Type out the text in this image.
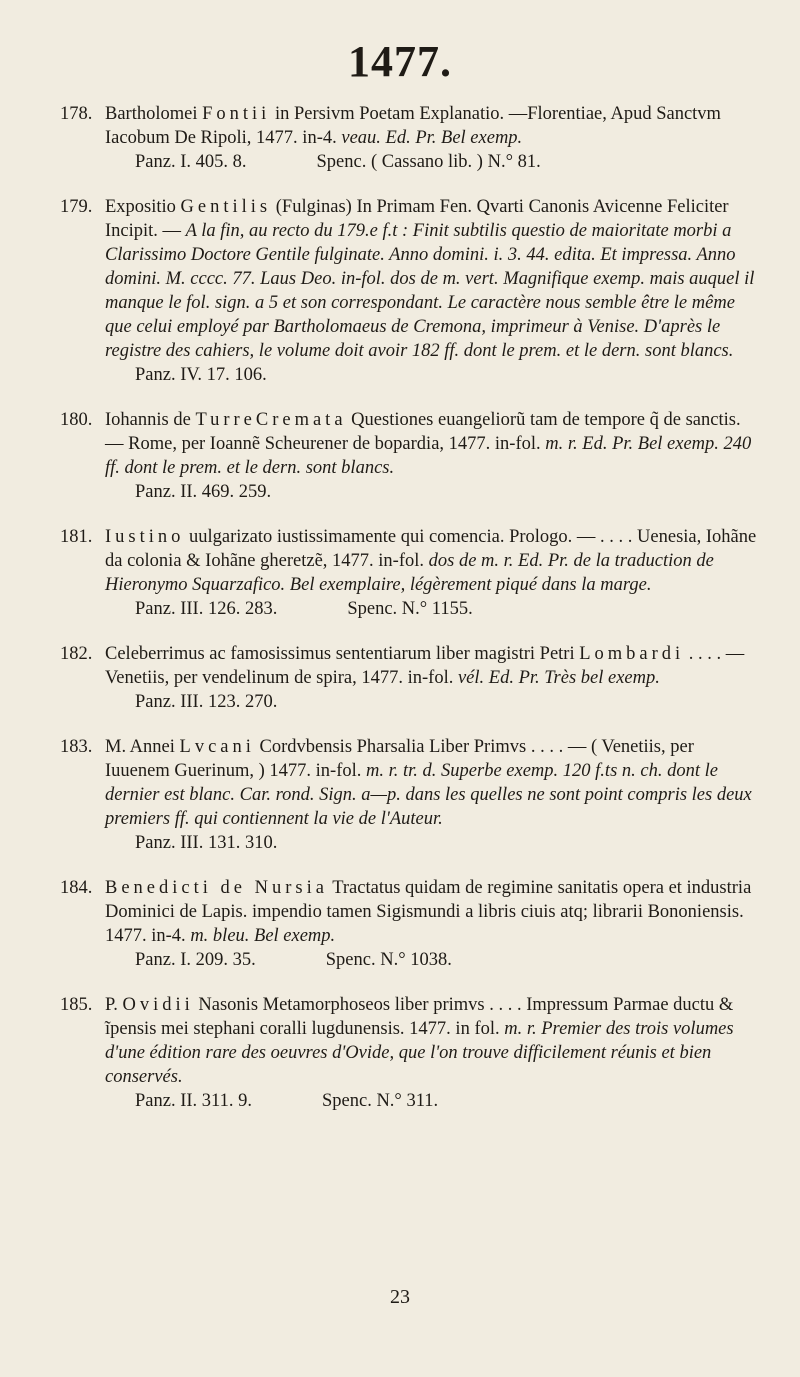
1477.
178. Bartholomei Fontii in Persivm Poetam Explanatio. —Florentiae, Apud Sanctvm Iacobum De Ripoli, 1477. in-4. veau. Ed. Pr. Bel exemp.
Panz. I. 405. 8.	Spenc. ( Cassano lib. ) N.° 81.
179. Expositio Gentilis (Fulginas) In Primam Fen. Qvarti Canonis Avicenne Feliciter Incipit. — A la fin, au recto du 179.e f.t : Finit subtilis questio de maioritate morbi a Clarissimo Doctore Gentile fulginate. Anno domini. i. 3. 44. edita. Et impressa. Anno domini. M. cccc. 77. Laus Deo. in-fol. dos de m. vert. Magnifique exemp. mais auquel il manque le fol. sign. a 5 et son correspondant. Le caractère nous semble être le même que celui employé par Bartholomaeus de Cremona, imprimeur à Venise. D'après le registre des cahiers, le volume doit avoir 182 ff. dont le prem. et le dern. sont blancs.
Panz. IV. 17. 106.
180. Iohannis de TurreCremata Questiones euangeliorũ tam de tempore q̃ de sanctis. — Rome, per Ioannẽ Scheurener de bopardia, 1477. in-fol. m. r. Ed. Pr. Bel exemp. 240 ff. dont le prem. et le dern. sont blancs.
Panz. II. 469. 259.
181. Iustino uulgarizato iustissimamente qui comencia. Prologo. — . . . . Uenesia, Iohãne da colonia & Iohãne gheretzẽ, 1477. in-fol. dos de m. r. Ed. Pr. de la traduction de Hieronymo Squarzafico. Bel exemplaire, légèrement piqué dans la marge.
Panz. III. 126. 283.	Spenc. N.° 1155.
182. Celeberrimus ac famosissimus sententiarum liber magistri Petri Lombardi . . . . —Venetiis, per vendelinum de spira, 1477. in-fol. vél. Ed. Pr. Très bel exemp.
Panz. III. 123. 270.
183. M. Annei Lvcani Cordvbensis Pharsalia Liber Primvs . . . . — ( Venetiis, per Iuuenem Guerinum, ) 1477. in-fol. m. r. tr. d. Superbe exemp. 120 f.ts n. ch. dont le dernier est blanc. Car. rond. Sign. a—p. dans les quelles ne sont point compris les deux premiers ff. qui contiennent la vie de l'Auteur.
Panz. III. 131. 310.
184. Benedicti de Nursia Tractatus quidam de regimine sanitatis opera et industria Dominici de Lapis. impendio tamen Sigismundi a libris ciuis atq; librarii Bononiensis. 1477. in-4. m. bleu. Bel exemp.
Panz. I. 209. 35.	Spenc. N.° 1038.
185. P. Ovidii Nasonis Metamorphoseos liber primvs . . . . Impressum Parmae ductu & ĩpensis mei stephani coralli lugdunensis. 1477. in fol. m. r. Premier des trois volumes d'une édition rare des oeuvres d'Ovide, que l'on trouve difficilement réunis et bien conservés.
Panz. II. 311. 9.	Spenc. N.° 311.
23
